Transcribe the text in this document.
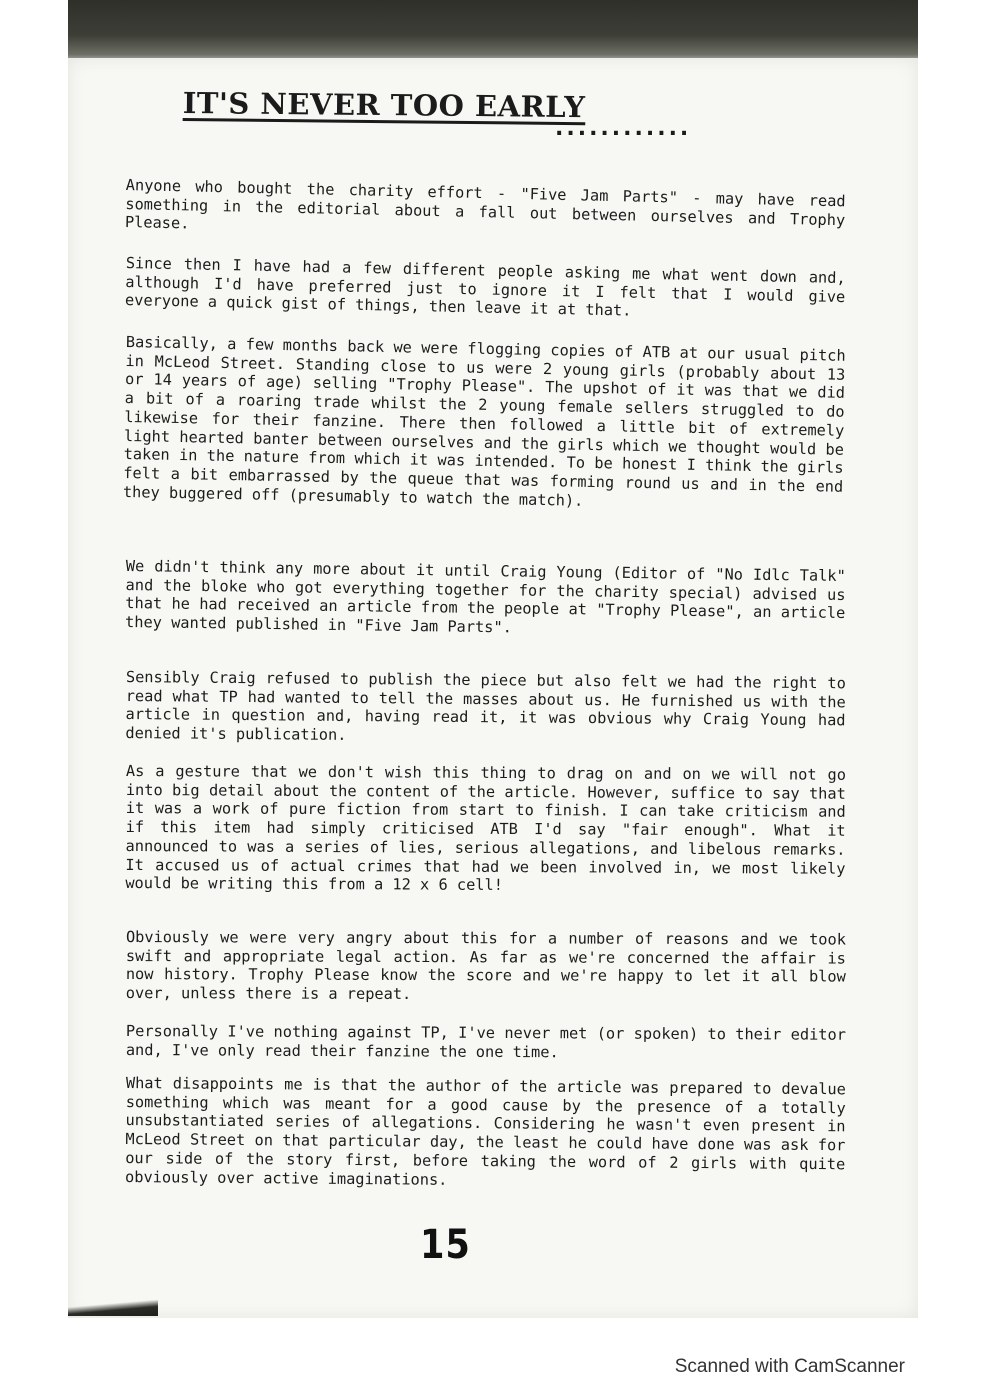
IT'S NEVER TOO EARLY
............

Anyone who bought the charity effort - "Five Jam Parts" - may have read something in the editorial about a fall out between ourselves and Trophy Please.

Since then I have had a few different people asking me what went down and, although I'd have preferred just to ignore it I felt that I would give everyone a quick gist of things, then leave it at that.

Basically, a few months back we were flogging copies of ATB at our usual pitch in McLeod Street. Standing close to us were 2 young girls (probably about 13 or 14 years of age) selling "Trophy Please". The upshot of it was that we did a bit of a roaring trade whilst the 2 young female sellers struggled to do likewise for their fanzine. There then followed a little bit of extremely light hearted banter between ourselves and the girls which we thought would be taken in the nature from which it was intended. To be honest I think the girls felt a bit embarrassed by the queue that was forming round us and in the end they buggered off (presumably to watch the match).

We didn't think any more about it until Craig Young (Editor of "No Idlc Talk" and the bloke who got everything together for the charity special) advised us that he had received an article from the people at "Trophy Please", an article they wanted published in "Five Jam Parts".

Sensibly Craig refused to publish the piece but also felt we had the right to read what TP had wanted to tell the masses about us. He furnished us with the article in question and, having read it, it was obvious why Craig Young had denied it's publication.

As a gesture that we don't wish this thing to drag on and on we will not go into big detail about the content of the article. However, suffice to say that it was a work of pure fiction from start to finish. I can take criticism and if this item had simply criticised ATB I'd say "fair enough". What it announced to was a series of lies, serious allegations, and libelous remarks. It accused us of actual crimes that had we been involved in, we most likely would be writing this from a 12 x 6 cell!

Obviously we were very angry about this for a number of reasons and we took swift and appropriate legal action. As far as we're concerned the affair is now history. Trophy Please know the score and we're happy to let it all blow over, unless there is a repeat.

Personally I've nothing against TP, I've never met (or spoken) to their editor and, I've only read their fanzine the one time.

What disappoints me is that the author of the article was prepared to devalue something which was meant for a good cause by the presence of a totally unsubstantiated series of allegations. Considering he wasn't even present in McLeod Street on that particular day, the least he could have done was ask for our side of the story first, before taking the word of 2 girls with quite obviously over active imaginations.

15
Scanned with CamScanner
